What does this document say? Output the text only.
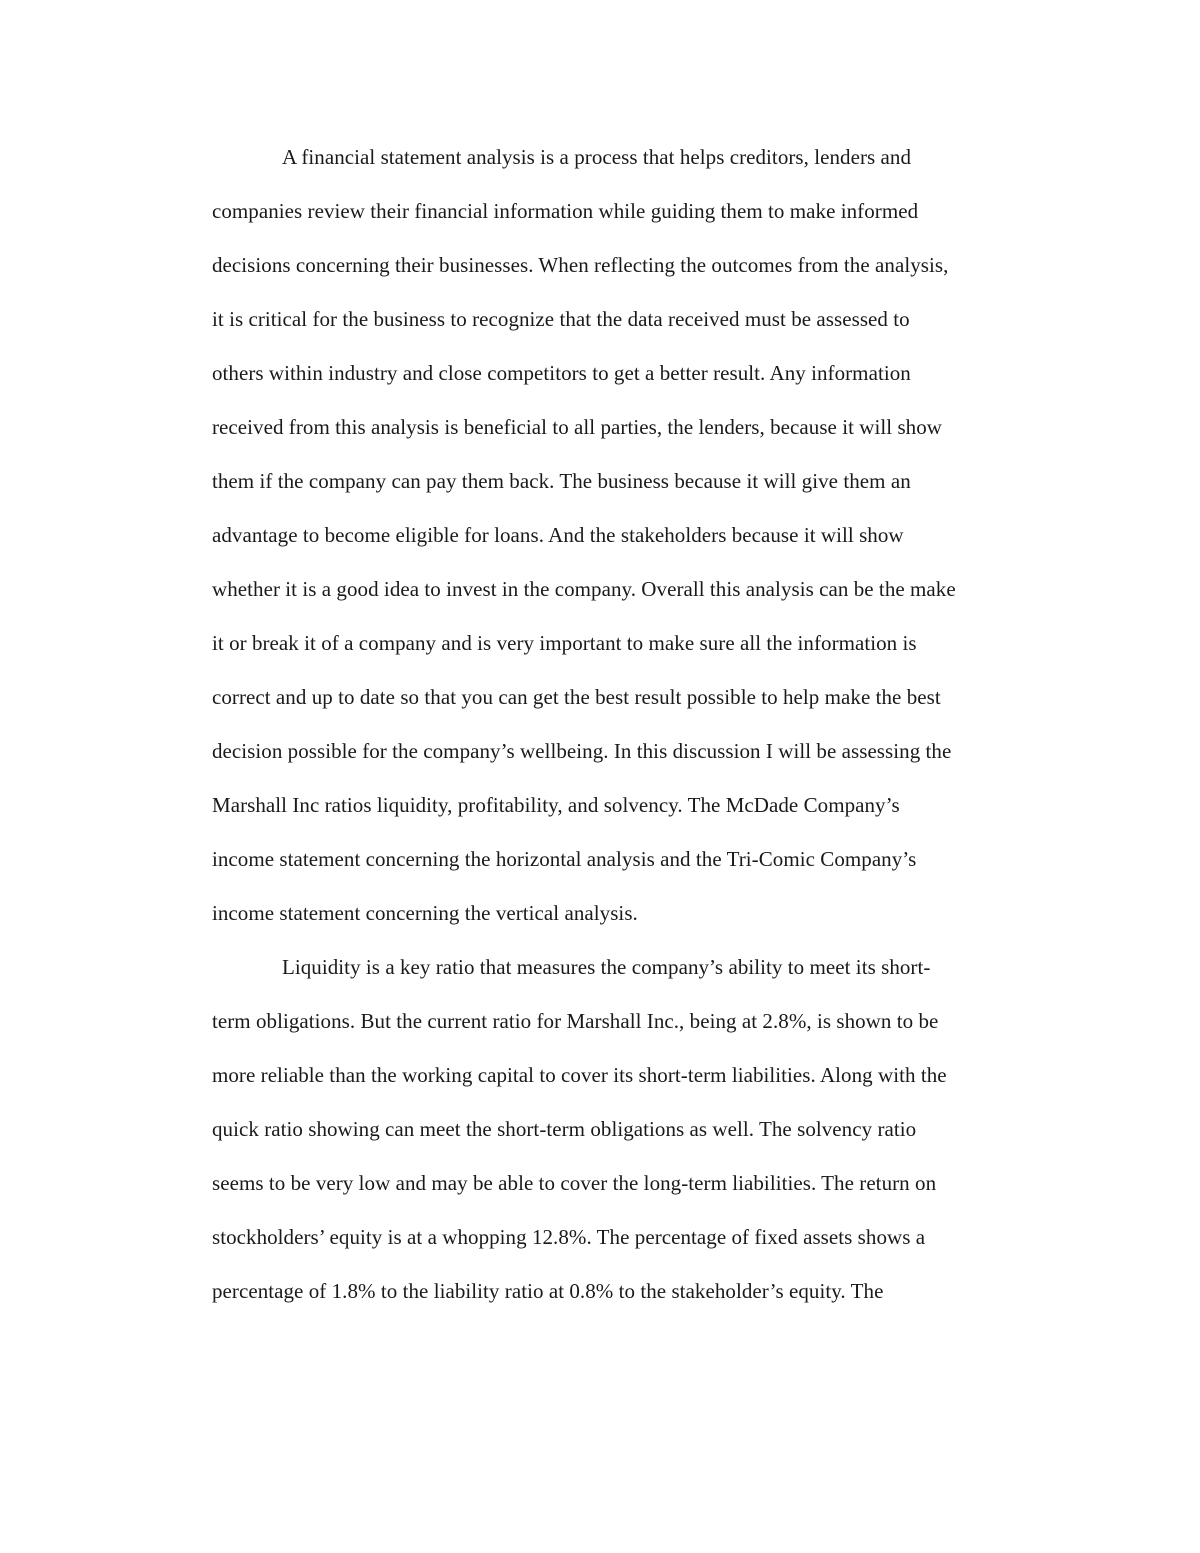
A financial statement analysis is a process that helps creditors, lenders and
companies review their financial information while guiding them to make informed
decisions concerning their businesses. When reflecting the outcomes from the analysis,
it is critical for the business to recognize that the data received must be assessed to
others within industry and close competitors to get a better result. Any information
received from this analysis is beneficial to all parties, the lenders, because it will show
them if the company can pay them back. The business because it will give them an
advantage to become eligible for loans. And the stakeholders because it will show
whether it is a good idea to invest in the company. Overall this analysis can be the make
it or break it of a company and is very important to make sure all the information is
correct and up to date so that you can get the best result possible to help make the best
decision possible for the company’s wellbeing. In this discussion I will be assessing the
Marshall Inc ratios liquidity, profitability, and solvency. The McDade Company’s
income statement concerning the horizontal analysis and the Tri-Comic Company’s
income statement concerning the vertical analysis.
Liquidity is a key ratio that measures the company’s ability to meet its short-
term obligations. But the current ratio for Marshall Inc., being at 2.8%, is shown to be
more reliable than the working capital to cover its short-term liabilities. Along with the
quick ratio showing can meet the short-term obligations as well. The solvency ratio
seems to be very low and may be able to cover the long-term liabilities. The return on
stockholders’ equity is at a whopping 12.8%. The percentage of fixed assets shows a
percentage of 1.8% to the liability ratio at 0.8% to the stakeholder’s equity. The
